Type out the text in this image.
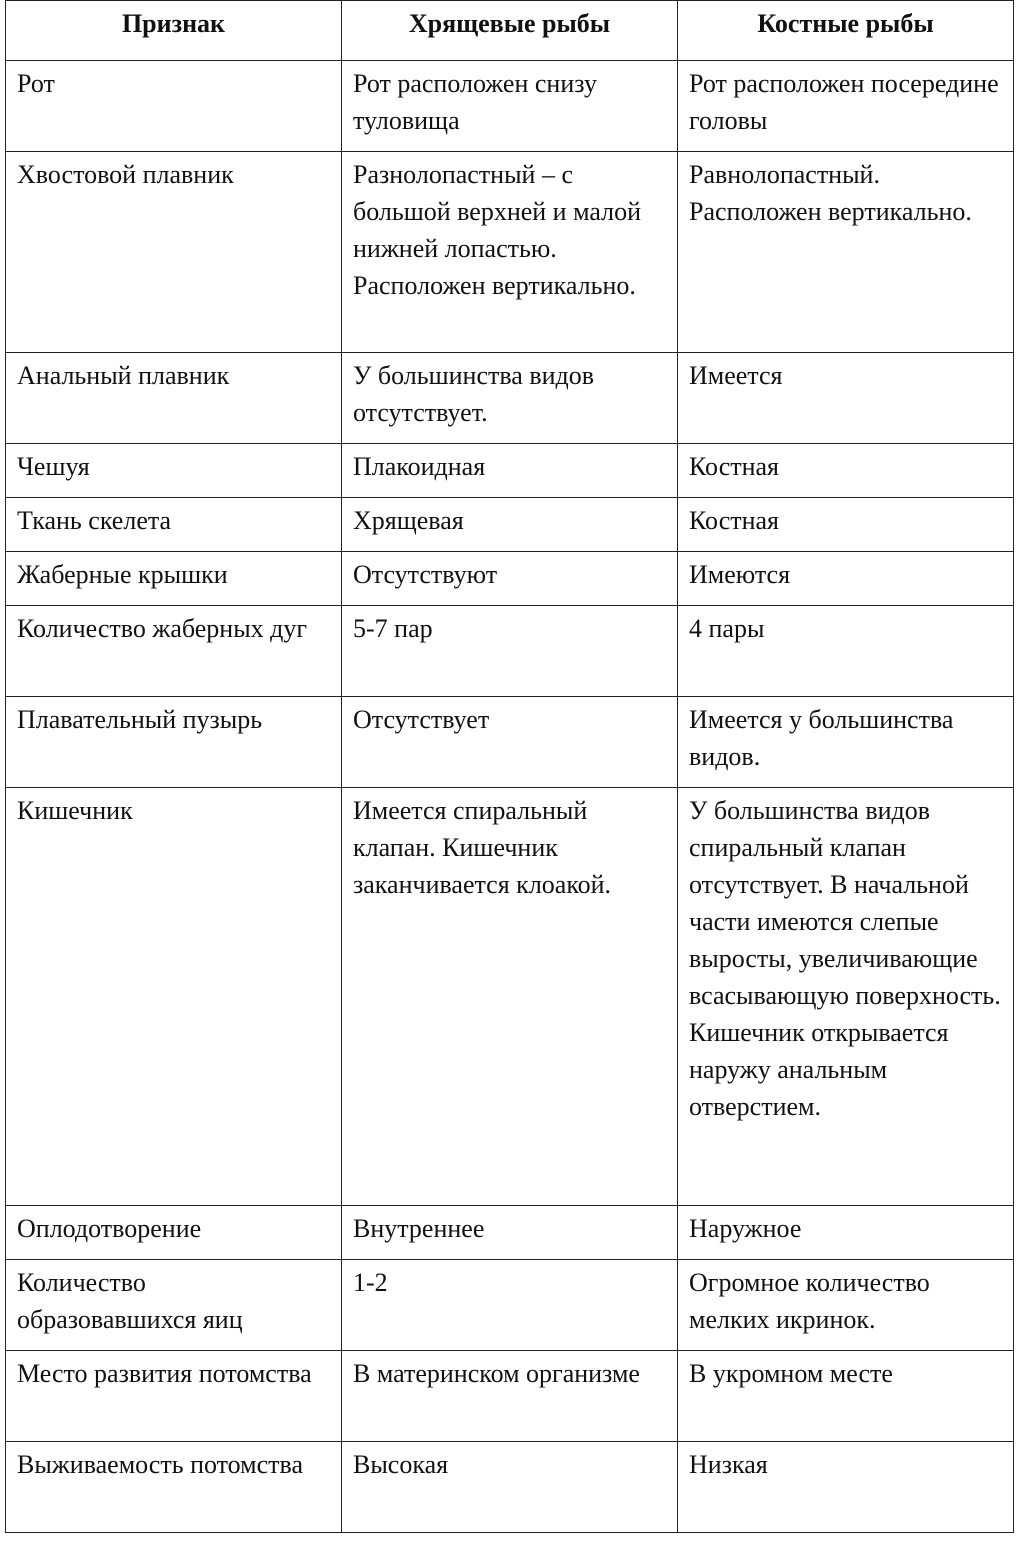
Признак	Хрящевые рыбы	Костные рыбы
Рот	Рот расположен снизу туловища	Рот расположен посередине головы
Хвостовой плавник	Разнолопастный – с большой верхней и малой нижней лопастью. Расположен вертикально.	Равнолопастный. Расположен вертикально.
Анальный плавник	У большинства видов отсутствует.	Имеется
Чешуя	Плакоидная	Костная
Ткань скелета	Хрящевая	Костная
Жаберные крышки	Отсутствуют	Имеются
Количество жаберных дуг	5-7 пар	4 пары
Плавательный пузырь	Отсутствует	Имеется у большинства видов.
Кишечник	Имеется спиральный клапан. Кишечник заканчивается клоакой.	У большинства видов спиральный клапан отсутствует. В начальной части имеются слепые выросты, увеличивающие всасывающую поверхность. Кишечник открывается наружу анальным отверстием.
Оплодотворение	Внутреннее	Наружное
Количество образовавшихся яиц	1-2	Огромное количество мелких икринок.
Место развития потомства	В материнском организме	В укромном месте
Выживаемость потомства	Высокая	Низкая
